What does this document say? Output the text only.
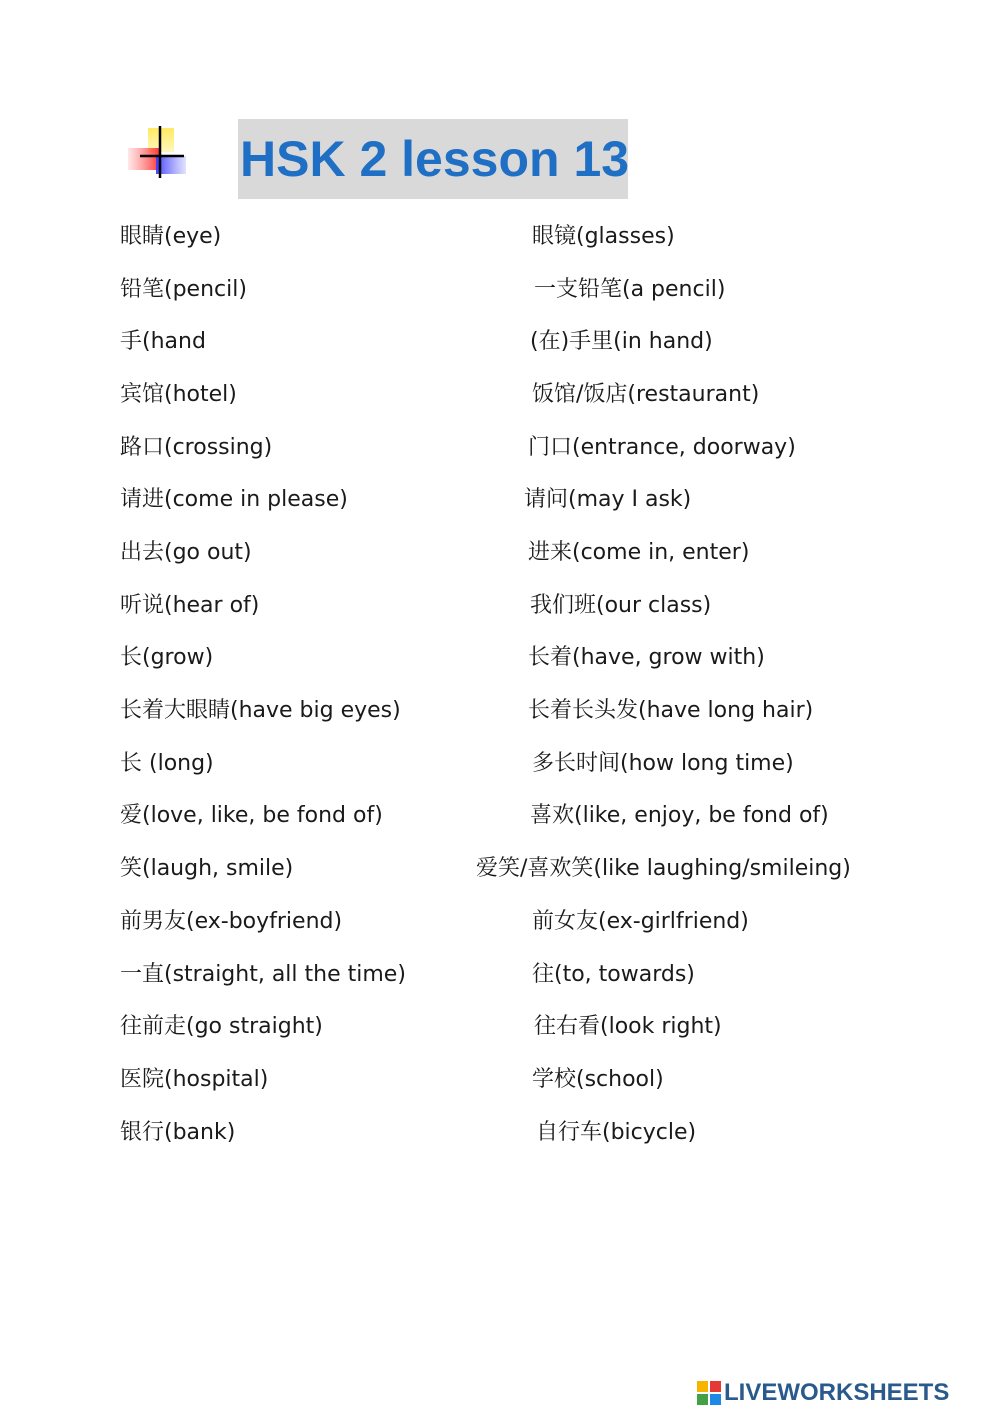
HSK 2 lesson 13
眼睛(eye)
铅笔(pencil)
手(hand
宾馆(hotel)
路口(crossing)
请进(come in please)
出去(go out)
听说(hear of)
长(grow)
长着大眼睛(have big eyes)
长 (long)
爱(love, like, be fond of)
笑(laugh, smile)
前男友(ex-boyfriend)
一直(straight, all the time)
往前走(go straight)
医院(hospital)
银行(bank)
眼镜(glasses)
一支铅笔(a pencil)
(在)手里(in hand)
饭馆/饭店(restaurant)
门口(entrance, doorway)
请问(may I ask)
进来(come in, enter)
我们班(our class)
长着(have, grow with)
长着长头发(have long hair)
多长时间(how long time)
喜欢(like, enjoy, be fond of)
爱笑/喜欢笑(like laughing/smileing)
前女友(ex-girlfriend)
往(to, towards)
往右看(look right)
学校(school)
自行车(bicycle)
LIVEWORKSHEETS
